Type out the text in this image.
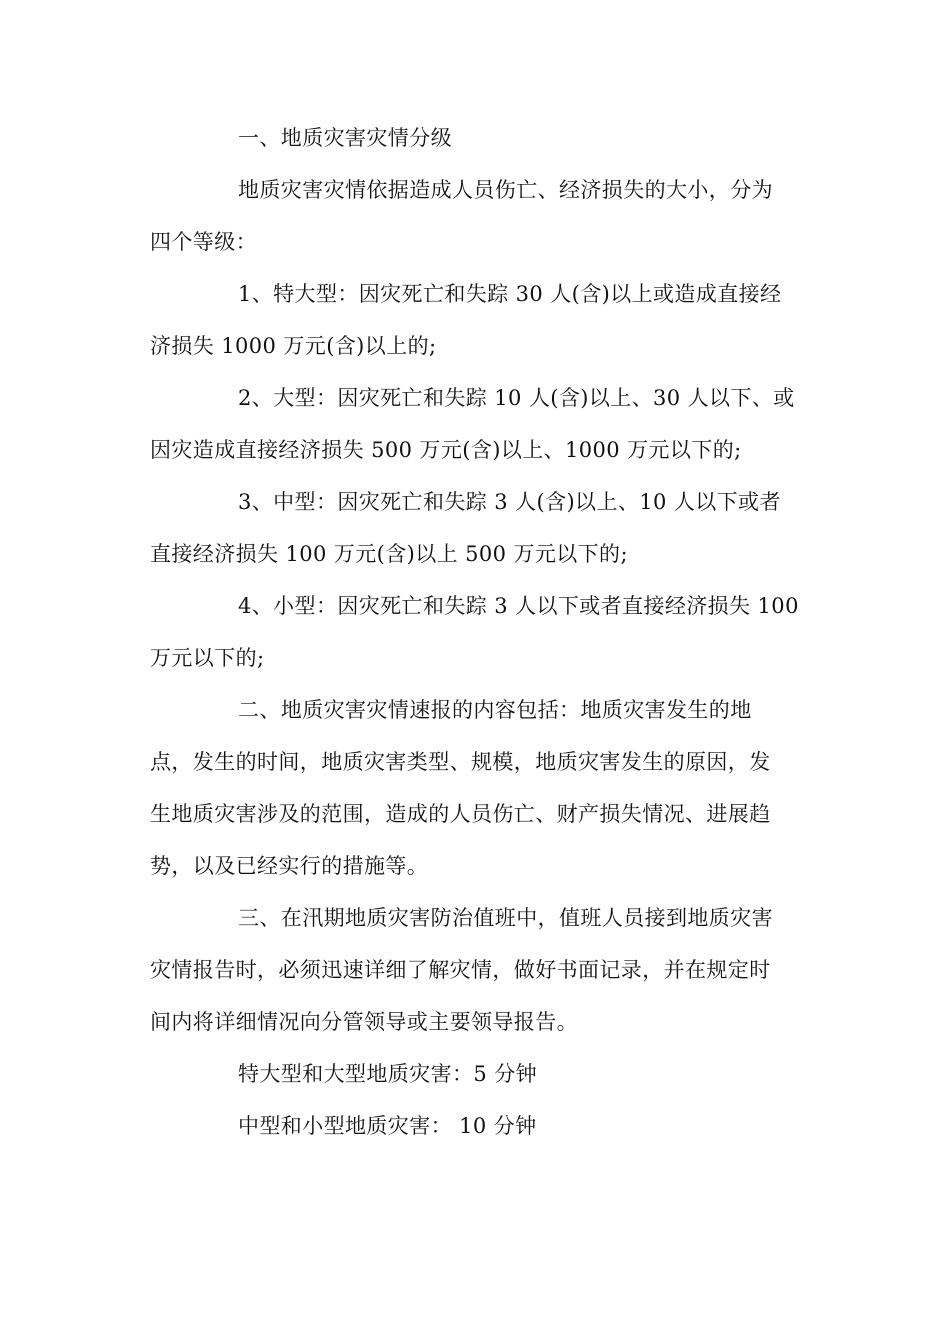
一、地质灾害灾情分级
地质灾害灾情依据造成人员伤亡、经济损失的大小，分为
四个等级：
1、特大型：因灾死亡和失踪 30 人(含)以上或造成直接经
济损失 1000 万元(含)以上的;
2、大型：因灾死亡和失踪 10 人(含)以上、30 人以下、或
因灾造成直接经济损失 500 万元(含)以上、1000 万元以下的;
3、中型：因灾死亡和失踪 3 人(含)以上、10 人以下或者
直接经济损失 100 万元(含)以上 500 万元以下的;
4、小型：因灾死亡和失踪 3 人以下或者直接经济损失 100
万元以下的;
二、地质灾害灾情速报的内容包括：地质灾害发生的地
点，发生的时间，地质灾害类型、规模，地质灾害发生的原因，发
生地质灾害涉及的范围，造成的人员伤亡、财产损失情况、进展趋
势，以及已经实行的措施等。
三、在汛期地质灾害防治值班中，值班人员接到地质灾害
灾情报告时，必须迅速详细了解灾情，做好书面记录，并在规定时
间内将详细情况向分管领导或主要领导报告。
特大型和大型地质灾害：5 分钟
中型和小型地质灾害： 10 分钟
